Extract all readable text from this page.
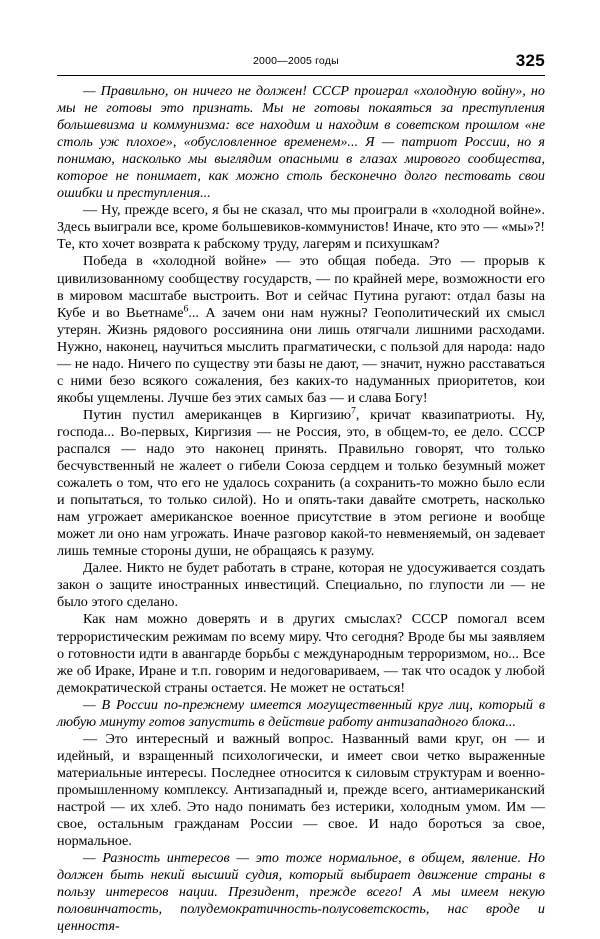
2000—2005 годы	325

— Правильно, он ничего не должен! СССР проиграл «холодную войну», но мы не готовы это признать. Мы не готовы покаяться за преступления большевизма и коммунизма: все находим и находим в советском прошлом «не столь уж плохое», «обусловленное временем»... Я — патриот России, но я понимаю, насколько мы выглядим опасными в глазах мирового сообщества, которое не понимает, как можно столь бесконечно долго пестовать свои ошибки и преступления...

— Ну, прежде всего, я бы не сказал, что мы проиграли в «холодной войне». Здесь выиграли все, кроме большевиков-коммунистов! Иначе, кто это — «мы»?! Те, кто хочет возврата к рабскому труду, лагерям и психушкам?

Победа в «холодной войне» — это общая победа. Это — прорыв к цивилизованному сообществу государств, — по крайней мере, возможности его в мировом масштабе выстроить. Вот и сейчас Путина ругают: отдал базы на Кубе и во Вьетнаме$^6$... А зачем они нам нужны? Геополитический их смысл утерян. Жизнь рядового россиянина они лишь отягчали лишними расходами. Нужно, наконец, научиться мыслить прагматически, с пользой для народа: надо — не надо. Ничего по существу эти базы не дают, — значит, нужно расставаться с ними безо всякого сожаления, без каких-то надуманных приоритетов, кои якобы ущемлены. Лучше без этих самых баз — и слава Богу!

Путин пустил американцев в Киргизию$^7$, кричат квазипатриоты. Ну, господа... Во-первых, Киргизия — не Россия, это, в общем-то, ее дело. СССР распался — надо это наконец принять. Правильно говорят, что только бесчувственный не жалеет о гибели Союза сердцем и только безумный может сожалеть о том, что его не удалось сохранить (а сохранить-то можно было если и попытаться, то только силой). Но и опять-таки давайте смотреть, насколько нам угрожает американское военное присутствие в этом регионе и вообще может ли оно нам угрожать. Иначе разговор какой-то невменяемый, он задевает лишь темные стороны души, не обращаясь к разуму.

Далее. Никто не будет работать в стране, которая не удосуживается создать закон о защите иностранных инвестиций. Специально, по глупости ли — не было этого сделано.

Как нам можно доверять и в других смыслах? СССР помогал всем террористическим режимам по всему миру. Что сегодня? Вроде бы мы заявляем о готовности идти в авангарде борьбы с международным терроризмом, но... Все же об Ираке, Иране и т.п. говорим и недоговариваем, — так что осадок у любой демократической страны остается. Не может не остаться!

— В России по-прежнему имеется могущественный круг лиц, который в любую минуту готов запустить в действие работу антизападного блока...

— Это интересный и важный вопрос. Названный вами круг, он — и идейный, и взращенный психологически, и имеет свои четко выраженные материальные интересы. Последнее относится к силовым структурам и военно-промышленному комплексу. Антизападный и, прежде всего, антиамериканский настрой — их хлеб. Это надо понимать без истерики, холодным умом. Им — свое, остальным гражданам России — свое. И надо бороться за свое, нормальное.

— Разность интересов — это тоже нормальное, в общем, явление. Но должен быть некий высший судия, который выбирает движение страны в пользу интересов нации. Президент, прежде всего! А мы имеем некую половинчатость, полудемократичность-полусоветскость, нас вроде и ценностя-
